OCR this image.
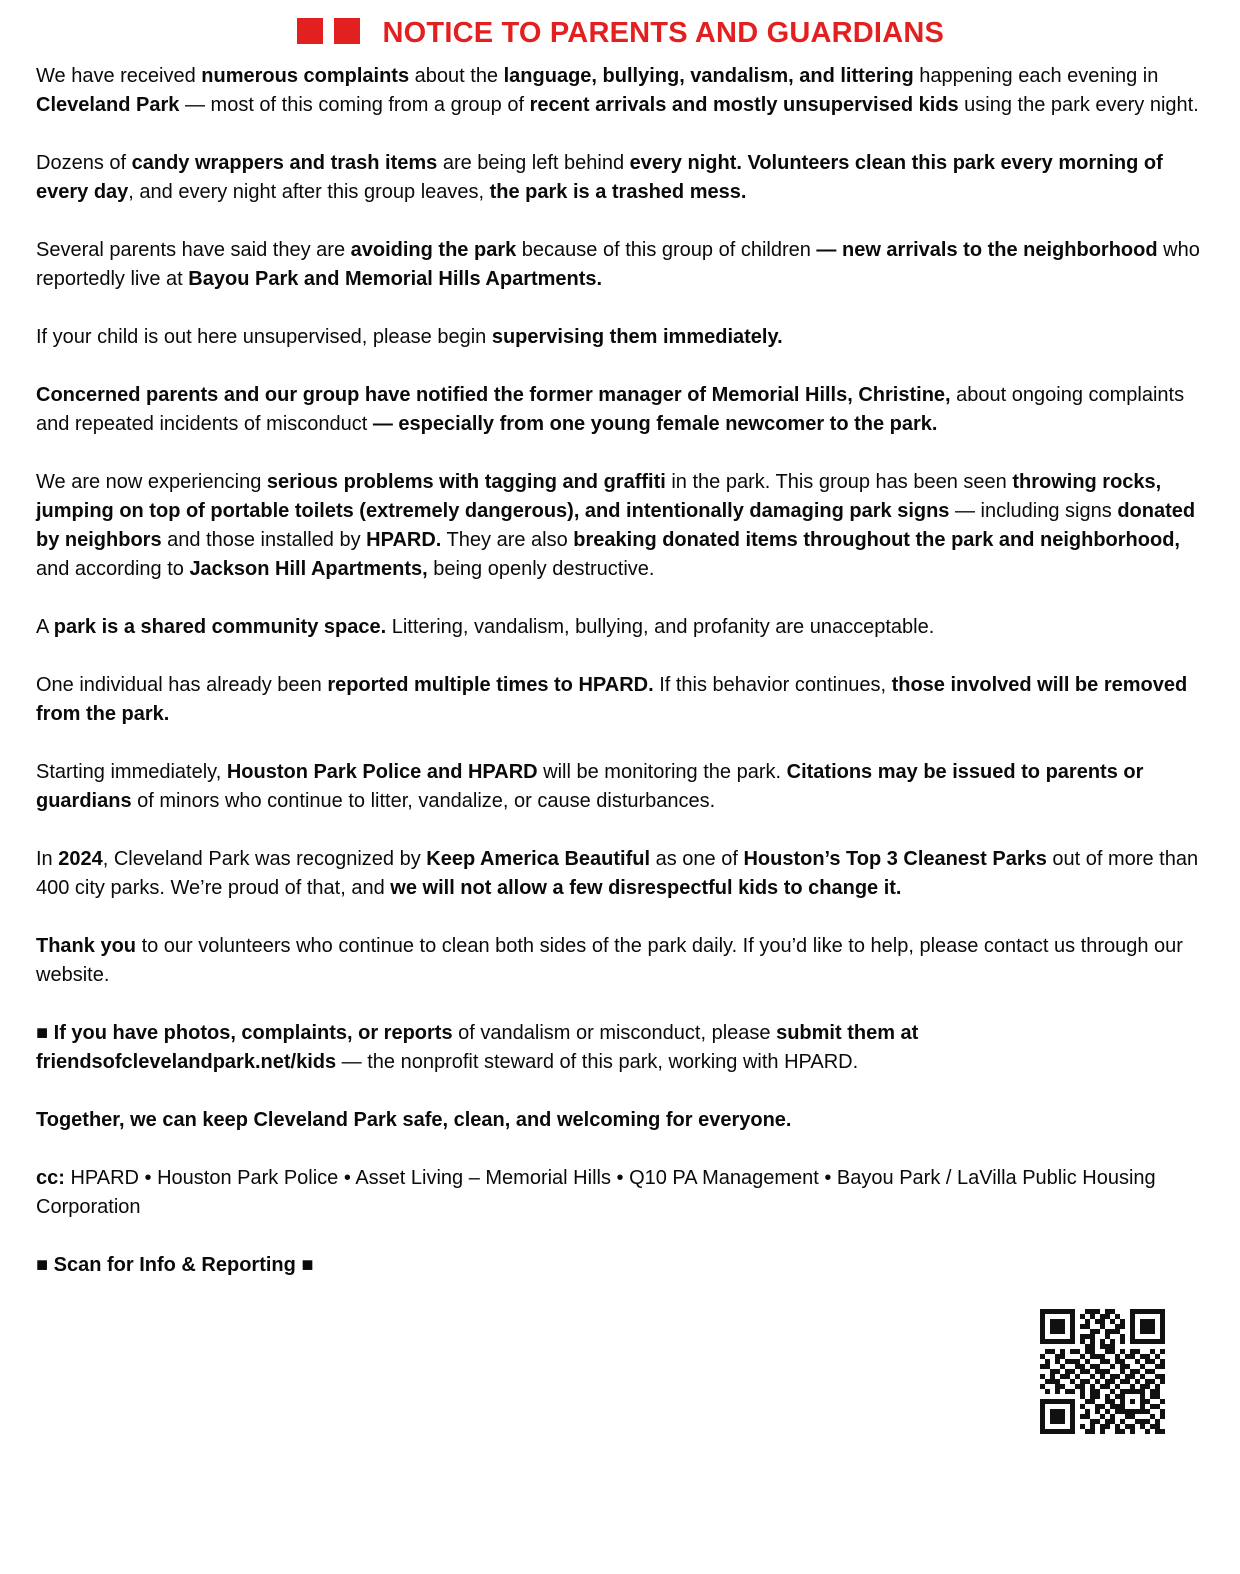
NOTICE TO PARENTS AND GUARDIANS

We have received numerous complaints about the language, bullying, vandalism, and littering happening each evening in Cleveland Park — most of this coming from a group of recent arrivals and mostly unsupervised kids using the park every night.

Dozens of candy wrappers and trash items are being left behind every night. Volunteers clean this park every morning of every day, and every night after this group leaves, the park is a trashed mess.

Several parents have said they are avoiding the park because of this group of children — new arrivals to the neighborhood who reportedly live at Bayou Park and Memorial Hills Apartments.

If your child is out here unsupervised, please begin supervising them immediately.

Concerned parents and our group have notified the former manager of Memorial Hills, Christine, about ongoing complaints and repeated incidents of misconduct — especially from one young female newcomer to the park.

We are now experiencing serious problems with tagging and graffiti in the park. This group has been seen throwing rocks, jumping on top of portable toilets (extremely dangerous), and intentionally damaging park signs — including signs donated by neighbors and those installed by HPARD. They are also breaking donated items throughout the park and neighborhood, and according to Jackson Hill Apartments, being openly destructive.

A park is a shared community space. Littering, vandalism, bullying, and profanity are unacceptable.

One individual has already been reported multiple times to HPARD. If this behavior continues, those involved will be removed from the park.

Starting immediately, Houston Park Police and HPARD will be monitoring the park. Citations may be issued to parents or guardians of minors who continue to litter, vandalize, or cause disturbances.

In 2024, Cleveland Park was recognized by Keep America Beautiful as one of Houston’s Top 3 Cleanest Parks out of more than 400 city parks. We’re proud of that, and we will not allow a few disrespectful kids to change it.

Thank you to our volunteers who continue to clean both sides of the park daily. If you’d like to help, please contact us through our website.

■ If you have photos, complaints, or reports of vandalism or misconduct, please submit them at friendsofclevelandpark.net/kids — the nonprofit steward of this park, working with HPARD.

Together, we can keep Cleveland Park safe, clean, and welcoming for everyone.

cc: HPARD • Houston Park Police • Asset Living – Memorial Hills • Q10 PA Management • Bayou Park / LaVilla Public Housing Corporation

■ Scan for Info & Reporting ■
